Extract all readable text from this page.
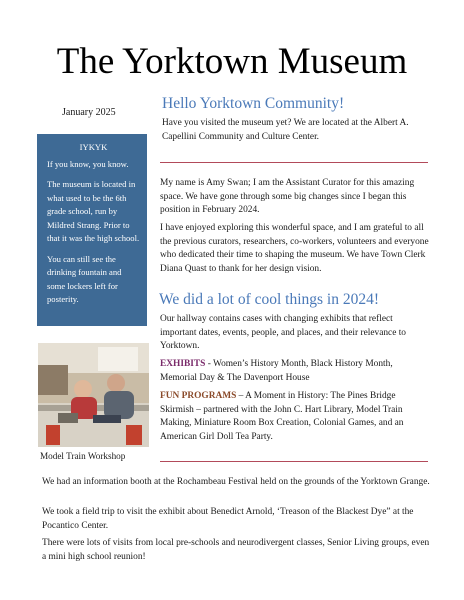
The Yorktown Museum
January 2025
IYKYK

If you know, you know.

The museum is located in what used to be the 6th grade school, run by Mildred Strang. Prior to that it was the high school.

You can still see the drinking fountain and some lockers left for posterity.

Hello Yorktown Community!

Have you visited the museum yet? We are located at the Albert A. Capellini Community and Culture Center.

My name is Amy Swan; I am the Assistant Curator for this amazing space. We have gone through some big changes since I began this position in February 2024.

I have enjoyed exploring this wonderful space, and I am grateful to all the previous curators, researchers, co-workers, volunteers and everyone who dedicated their time to shaping the museum. We have Town Clerk Diana Quast to thank for her design vision.

We did a lot of cool things in 2024!

Our hallway contains cases with changing exhibits that reflect important dates, events, people, and places, and their relevance to Yorktown.

EXHIBITS - Women’s History Month, Black History Month, Memorial Day & The Davenport House

FUN PROGRAMS – A Moment in History: The Pines Bridge Skirmish – partnered with the John C. Hart Library, Model Train Making, Miniature Room Box Creation, Colonial Games, and an American Girl Doll Tea Party.

Model Train Workshop

We had an information booth at the Rochambeau Festival held on the grounds of the Yorktown Grange.

We took a field trip to visit the exhibit about Benedict Arnold, ‘Treason of the Blackest Dye” at the Pocantico Center.

There were lots of visits from local pre-schools and neurodivergent classes, Senior Living groups, even a mini high school reunion!
